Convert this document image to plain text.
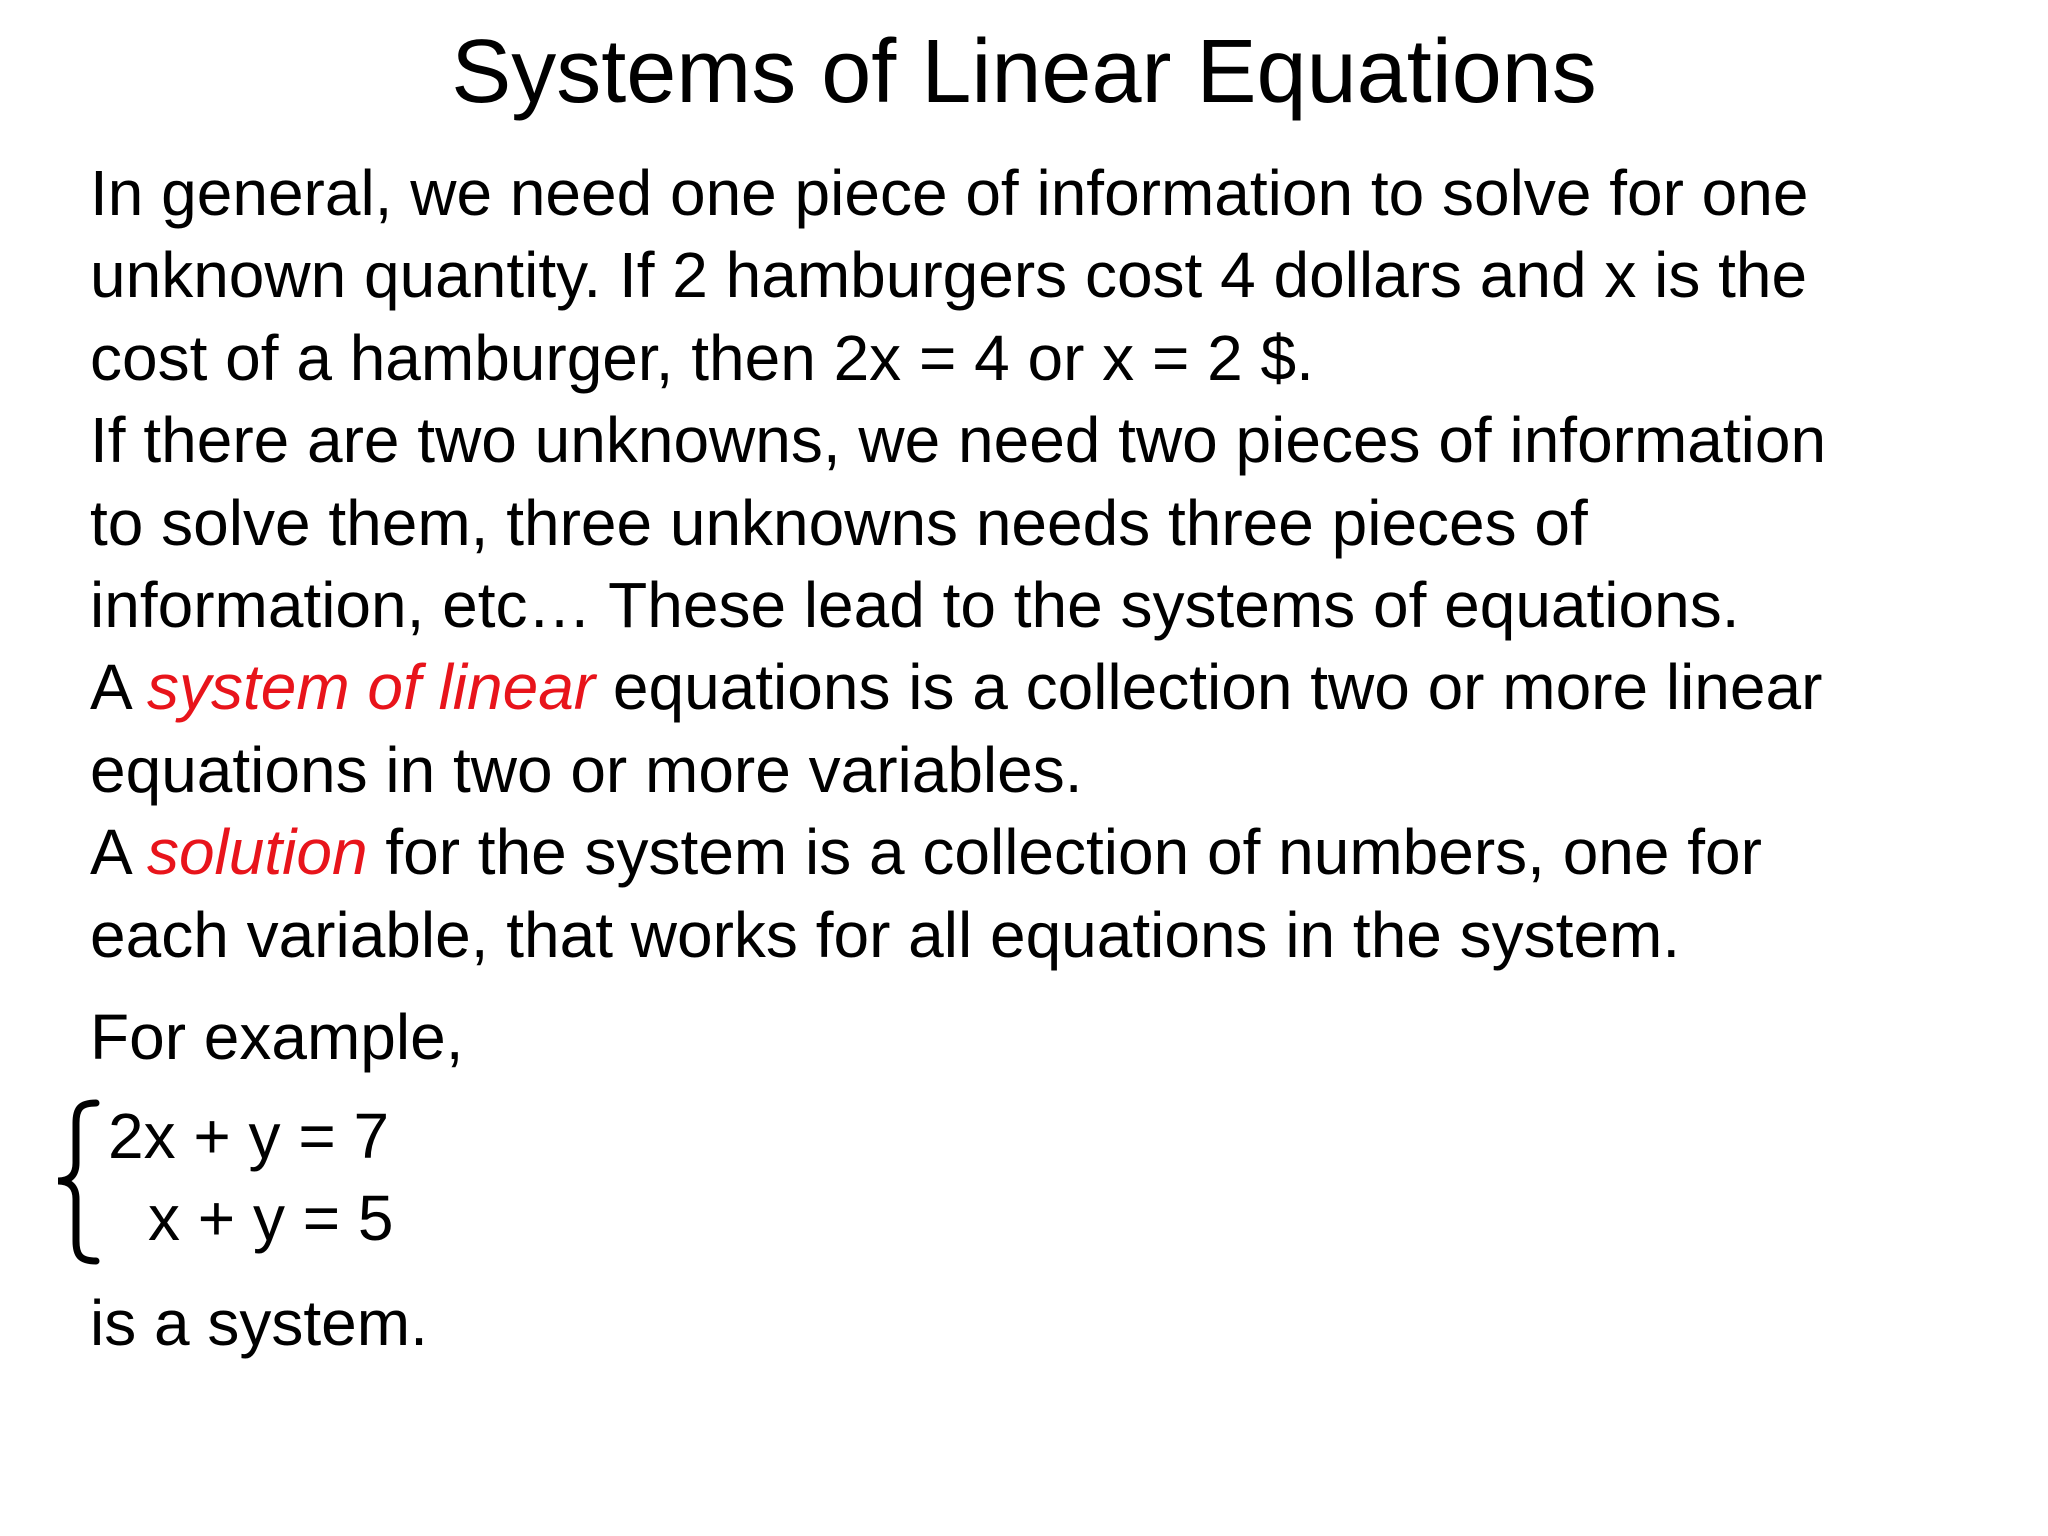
Systems of Linear Equations
In general, we need one piece of information to solve for one
unknown quantity. If 2 hamburgers cost 4 dollars and x is the
cost of a hamburger, then 2x = 4 or x = 2 $.
If there are two unknowns, we need two pieces of information
to solve them, three unknowns needs three pieces of
information, etc… These lead to the systems of equations.
A system of linear equations is a collection two or more linear
equations in two or more variables.
A solution for the system is a collection of numbers, one for
each variable, that works for all equations in the system.
For example,
2x + y = 7
x + y = 5
is a system.
